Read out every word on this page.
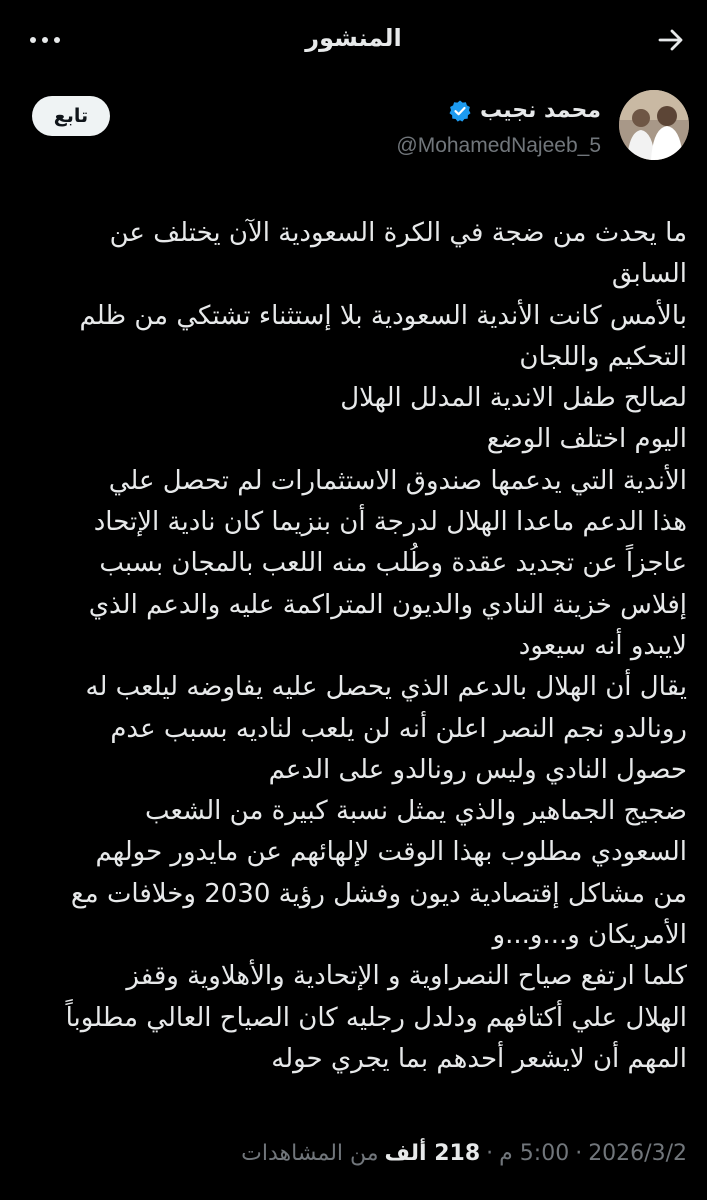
المنشور
تابع	محمد نجيب
@MohamedNajeeb_5
ما يحدث من ضجة في الكرة السعودية الآن يختلف عن
السابق
بالأمس كانت الأندية السعودية بلا إستثناء تشتكي من ظلم
التحكيم واللجان
لصالح طفل الاندية المدلل الهلال
اليوم اختلف الوضع
الأندية التي يدعمها صندوق الاستثمارات لم تحصل علي
هذا الدعم ماعدا الهلال لدرجة أن بنزيما كان نادية الإتحاد
عاجزاً عن تجديد عقدة وطُلب منه اللعب بالمجان بسبب
إفلاس خزينة النادي والديون المتراكمة عليه والدعم الذي
لايبدو أنه سيعود
يقال أن الهلال بالدعم الذي يحصل عليه يفاوضه ليلعب له
رونالدو نجم النصر اعلن أنه لن يلعب لناديه بسبب عدم
حصول النادي وليس رونالدو على الدعم
ضجيج الجماهير والذي يمثل نسبة كبيرة من الشعب
السعودي مطلوب بهذا الوقت لإلهائهم عن مايدور حولهم
من مشاكل إقتصادية ديون وفشل رؤية 2030 وخلافات مع
الأمريكان و...و...و
كلما ارتفع صياح النصراوية و الإتحادية والأهلاوية وقفز
الهلال علي أكتافهم ودلدل رجليه كان الصياح العالي مطلوباً
المهم أن لايشعر أحدهم بما يجري حوله
2026/3/2
·
5:00 م
·
218 ألف
من المشاهدات
